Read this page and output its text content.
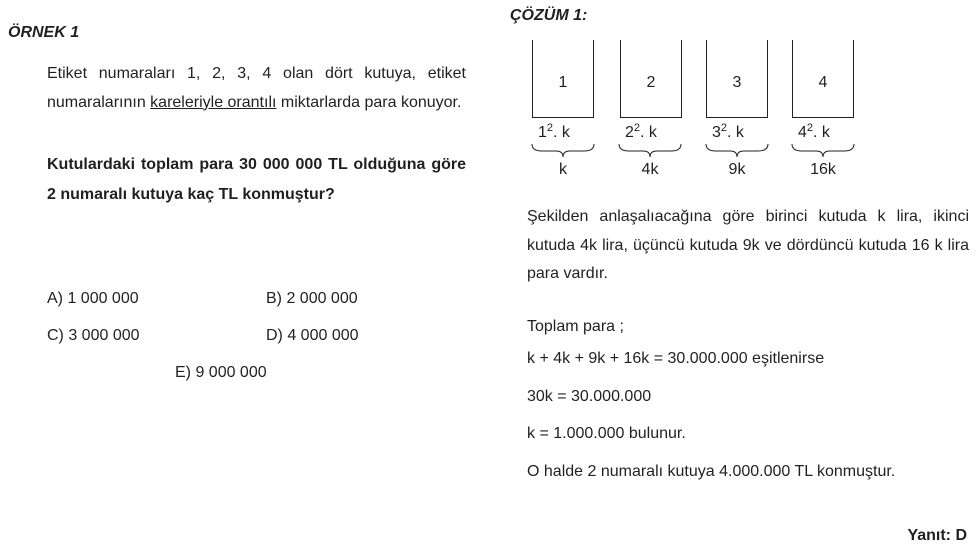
ÖRNEK 1
Etiket numaraları 1, 2, 3, 4 olan dört kutuya, etiket numaralarının kareleriyle orantılı miktarlarda para konuyor.
Kutulardaki toplam para 30 000 000 TL olduğuna göre 2 numaralı kutuya kaç TL konmuştur?
A) 1 000 000	B) 2 000 000
C) 3 000 000	D) 4 000 000
E) 9 000 000
ÇÖZÜM 1:
1	2	3	4
$1^2$. k	$2^2$. k	$3^2$. k	$4^2$. k
k	4k	9k	16k
Şekilden anlaşalıacağına göre birinci kutuda k lira, ikinci kutuda 4k lira, üçüncü kutuda 9k ve dördüncü kutuda 16 k lira para vardır.
Toplam para ;
k + 4k + 9k + 16k = 30.000.000 eşitlenirse
30k = 30.000.000
k = 1.000.000 bulunur.
O halde 2 numaralı kutuya 4.000.000 TL konmuştur.
Yanıt: D
